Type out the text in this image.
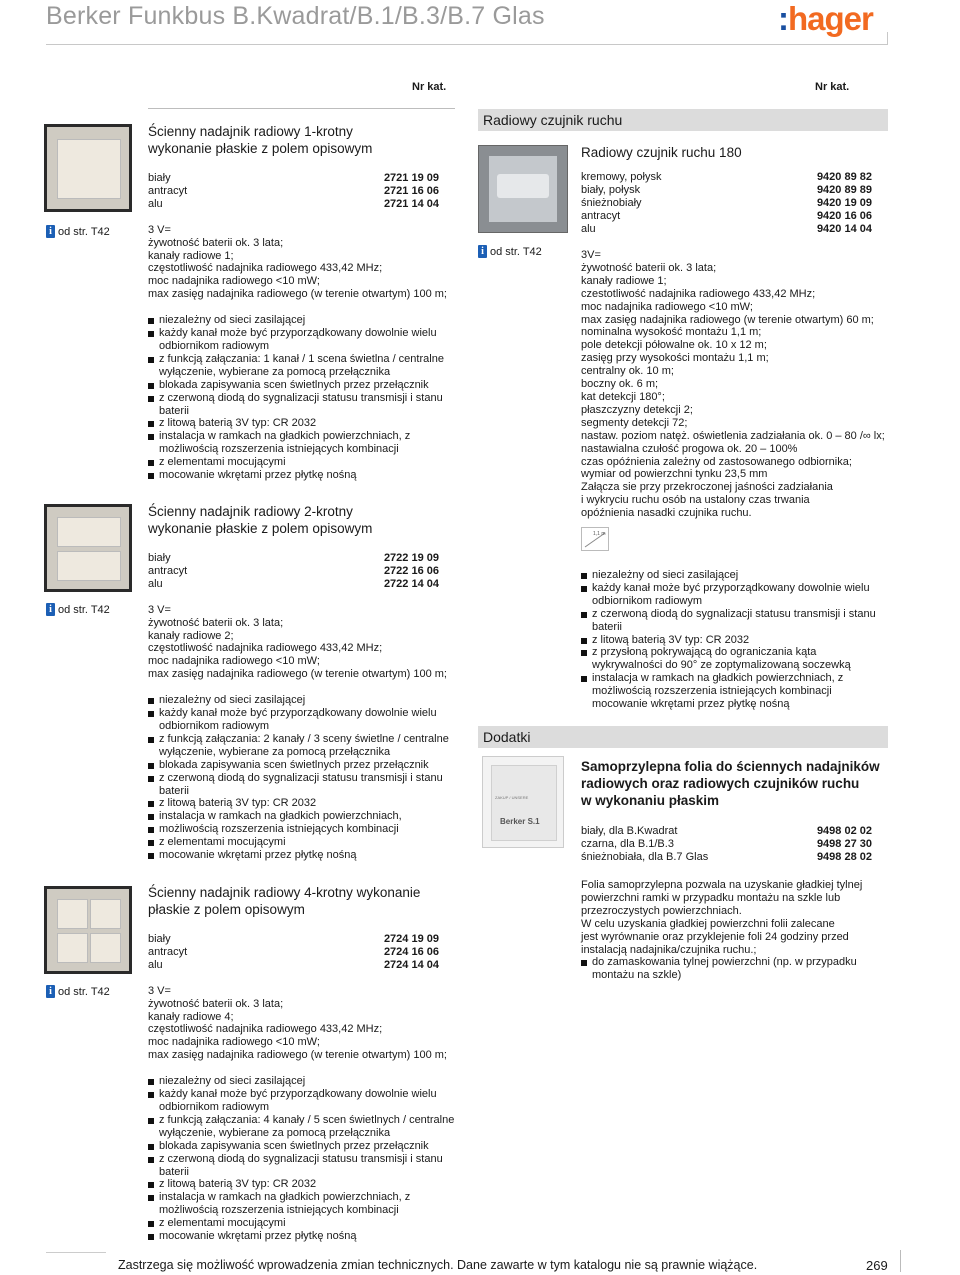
Berker Funkbus B.Kwadrat/B.1/B.3/B.7 Glas	:hager
Nr kat.	Nr kat.
i od str. T42
i od str. T42
i od str. T42
Ścienny nadajnik radiowy 1-krotny
wykonanie płaskie z polem opisowym
biały	2721 19 09
antracyt	2721 16 06
alu	2721 14 04
3 V=
żywotność baterii ok. 3 lata;
kanały radiowe 1;
częstotliwość nadajnika radiowego 433,42 MHz;
moc nadajnika radiowego <10 mW;
max zasięg nadajnika radiowego (w terenie otwartym) 100 m;
niezależny od sieci zasilającej
każdy kanał może być przyporządkowany dowolnie wielu odbiornikom radiowym
z funkcją załączania: 1 kanał / 1 scena świetlna / centralne wyłączenie, wybierane za pomocą przełącznika
blokada zapisywania scen świetlnych przez przełącznik
z czerwoną diodą do sygnalizacji statusu transmisji i stanu baterii
z litową baterią 3V typ: CR 2032
instalacja w ramkach na gładkich powierzchniach, z możliwością rozszerzenia istniejących kombinacji
z elementami mocującymi
mocowanie wkrętami przez płytkę nośną
Ścienny nadajnik radiowy 2-krotny
wykonanie płaskie z polem opisowym
biały	2722 19 09
antracyt	2722 16 06
alu	2722 14 04
3 V=
żywotność baterii ok. 3 lata;
kanały radiowe 2;
częstotliwość nadajnika radiowego 433,42 MHz;
moc nadajnika radiowego <10 mW;
max zasięg nadajnika radiowego (w terenie otwartym) 100 m;
niezależny od sieci zasilającej
każdy kanał może być przyporządkowany dowolnie wielu odbiornikom radiowym
z funkcją załączania: 2 kanały / 3 sceny świetlne / centralne wyłączenie, wybierane za pomocą przełącznika
blokada zapisywania scen świetlnych przez przełącznik
z czerwoną diodą do sygnalizacji statusu transmisji i stanu baterii
z litową baterią 3V typ: CR 2032
instalacja w ramkach na gładkich powierzchniach,
możliwością rozszerzenia istniejących kombinacji
z elementami mocującymi
mocowanie wkrętami przez płytkę nośną
Ścienny nadajnik radiowy 4-krotny wykonanie
płaskie z polem opisowym
biały	2724 19 09
antracyt	2724 16 06
alu	2724 14 04
3 V=
żywotność baterii ok. 3 lata;
kanały radiowe 4;
częstotliwość nadajnika radiowego 433,42 MHz;
moc nadajnika radiowego <10 mW;
max zasięg nadajnika radiowego (w terenie otwartym) 100 m;
niezależny od sieci zasilającej
każdy kanał może być przyporządkowany dowolnie wielu odbiornikom radiowym
z funkcją załączania: 4 kanały / 5 scen świetlnych / centralne wyłączenie, wybierane za pomocą przełącznika
blokada zapisywania scen świetlnych przez przełącznik
z czerwoną diodą do sygnalizacji statusu transmisji i stanu baterii
z litową baterią 3V typ: CR 2032
instalacja w ramkach na gładkich powierzchniach, z możliwością rozszerzenia istniejących kombinacji
z elementami mocującymi
mocowanie wkrętami przez płytkę nośną
Radiowy czujnik ruchu
Radiowy czujnik ruchu 180
i od str. T42
kremowy, połysk	9420 89 82
biały, połysk	9420 89 89
śnieżnobiały	9420 19 09
antracyt	9420 16 06
alu	9420 14 04
3V=
żywotność baterii ok. 3 lata;
kanały radiowe 1;
czestotliwość nadajnika radiowego 433,42 MHz;
moc nadajnika radiowego <10 mW;
max zasięg nadajnika radiowego (w terenie otwartym) 60 m;
nominalna wysokość montażu 1,1 m;
pole detekcji półowalne ok. 10 x 12 m;
zasięg przy wysokości montażu 1,1 m;
centralny ok. 10 m;
boczny ok. 6 m;
kat detekcji 180°;
płaszczyzny detekcji 2;
segmenty detekcji 72;
nastaw. poziom natęż. oświetlenia zadziałania ok. 0 – 80 /∞ lx;
nastawialna czułość progowa ok. 20 – 100%
czas opóźnienia zależny od zastosowanego odbiornika;
wymiar od powierzchni tynku 23,5 mm
Załącza sie przy przekroczonej jaśności zadziałania
i wykryciu ruchu osób na ustalony czas trwania
opóźnienia nasadki czujnika ruchu.
1,1 m
niezależny od sieci zasilającej
każdy kanał może być przyporządkowany dowolnie wielu odbiornikom radiowym
z czerwoną diodą do sygnalizacji statusu transmisji i stanu baterii
z litową baterią 3V typ: CR 2032
z przysłoną pokrywającą do ograniczania kąta wykrywalności do 90° ze zoptymalizowaną soczewką
instalacja w ramkach na gładkich powierzchniach, z możliwością rozszerzenia istniejących kombinacji mocowanie wkrętami przez płytkę nośną
Dodatki
ZAKUP / UNSERE
Berker S.1
Samoprzylepna folia do ściennych nadajników
radiowych oraz radiowych czujników ruchu
w wykonaniu płaskim
biały, dla B.Kwadrat	9498 02 02
czarna, dla B.1/B.3	9498 27 30
śnieżnobiała, dla B.7 Glas	9498 28 02
Folia samoprzylepna pozwala na uzyskanie gładkiej tylnej
powierzchni ramki w przypadku montażu na szkle lub
przezroczystych powierzchniach.
W celu uzyskania gładkiej powierzchni folii zalecane
jest wyrównanie oraz przyklejenie foli 24 godziny przed
instalacją nadajnika/czujnika ruchu.;
do zamaskowania tylnej powierzchni (np. w przypadku montażu na szkle)
Zastrzega się możliwość wprowadzenia zmian technicznych. Dane zawarte w tym katalogu nie są prawnie wiążące.	269
